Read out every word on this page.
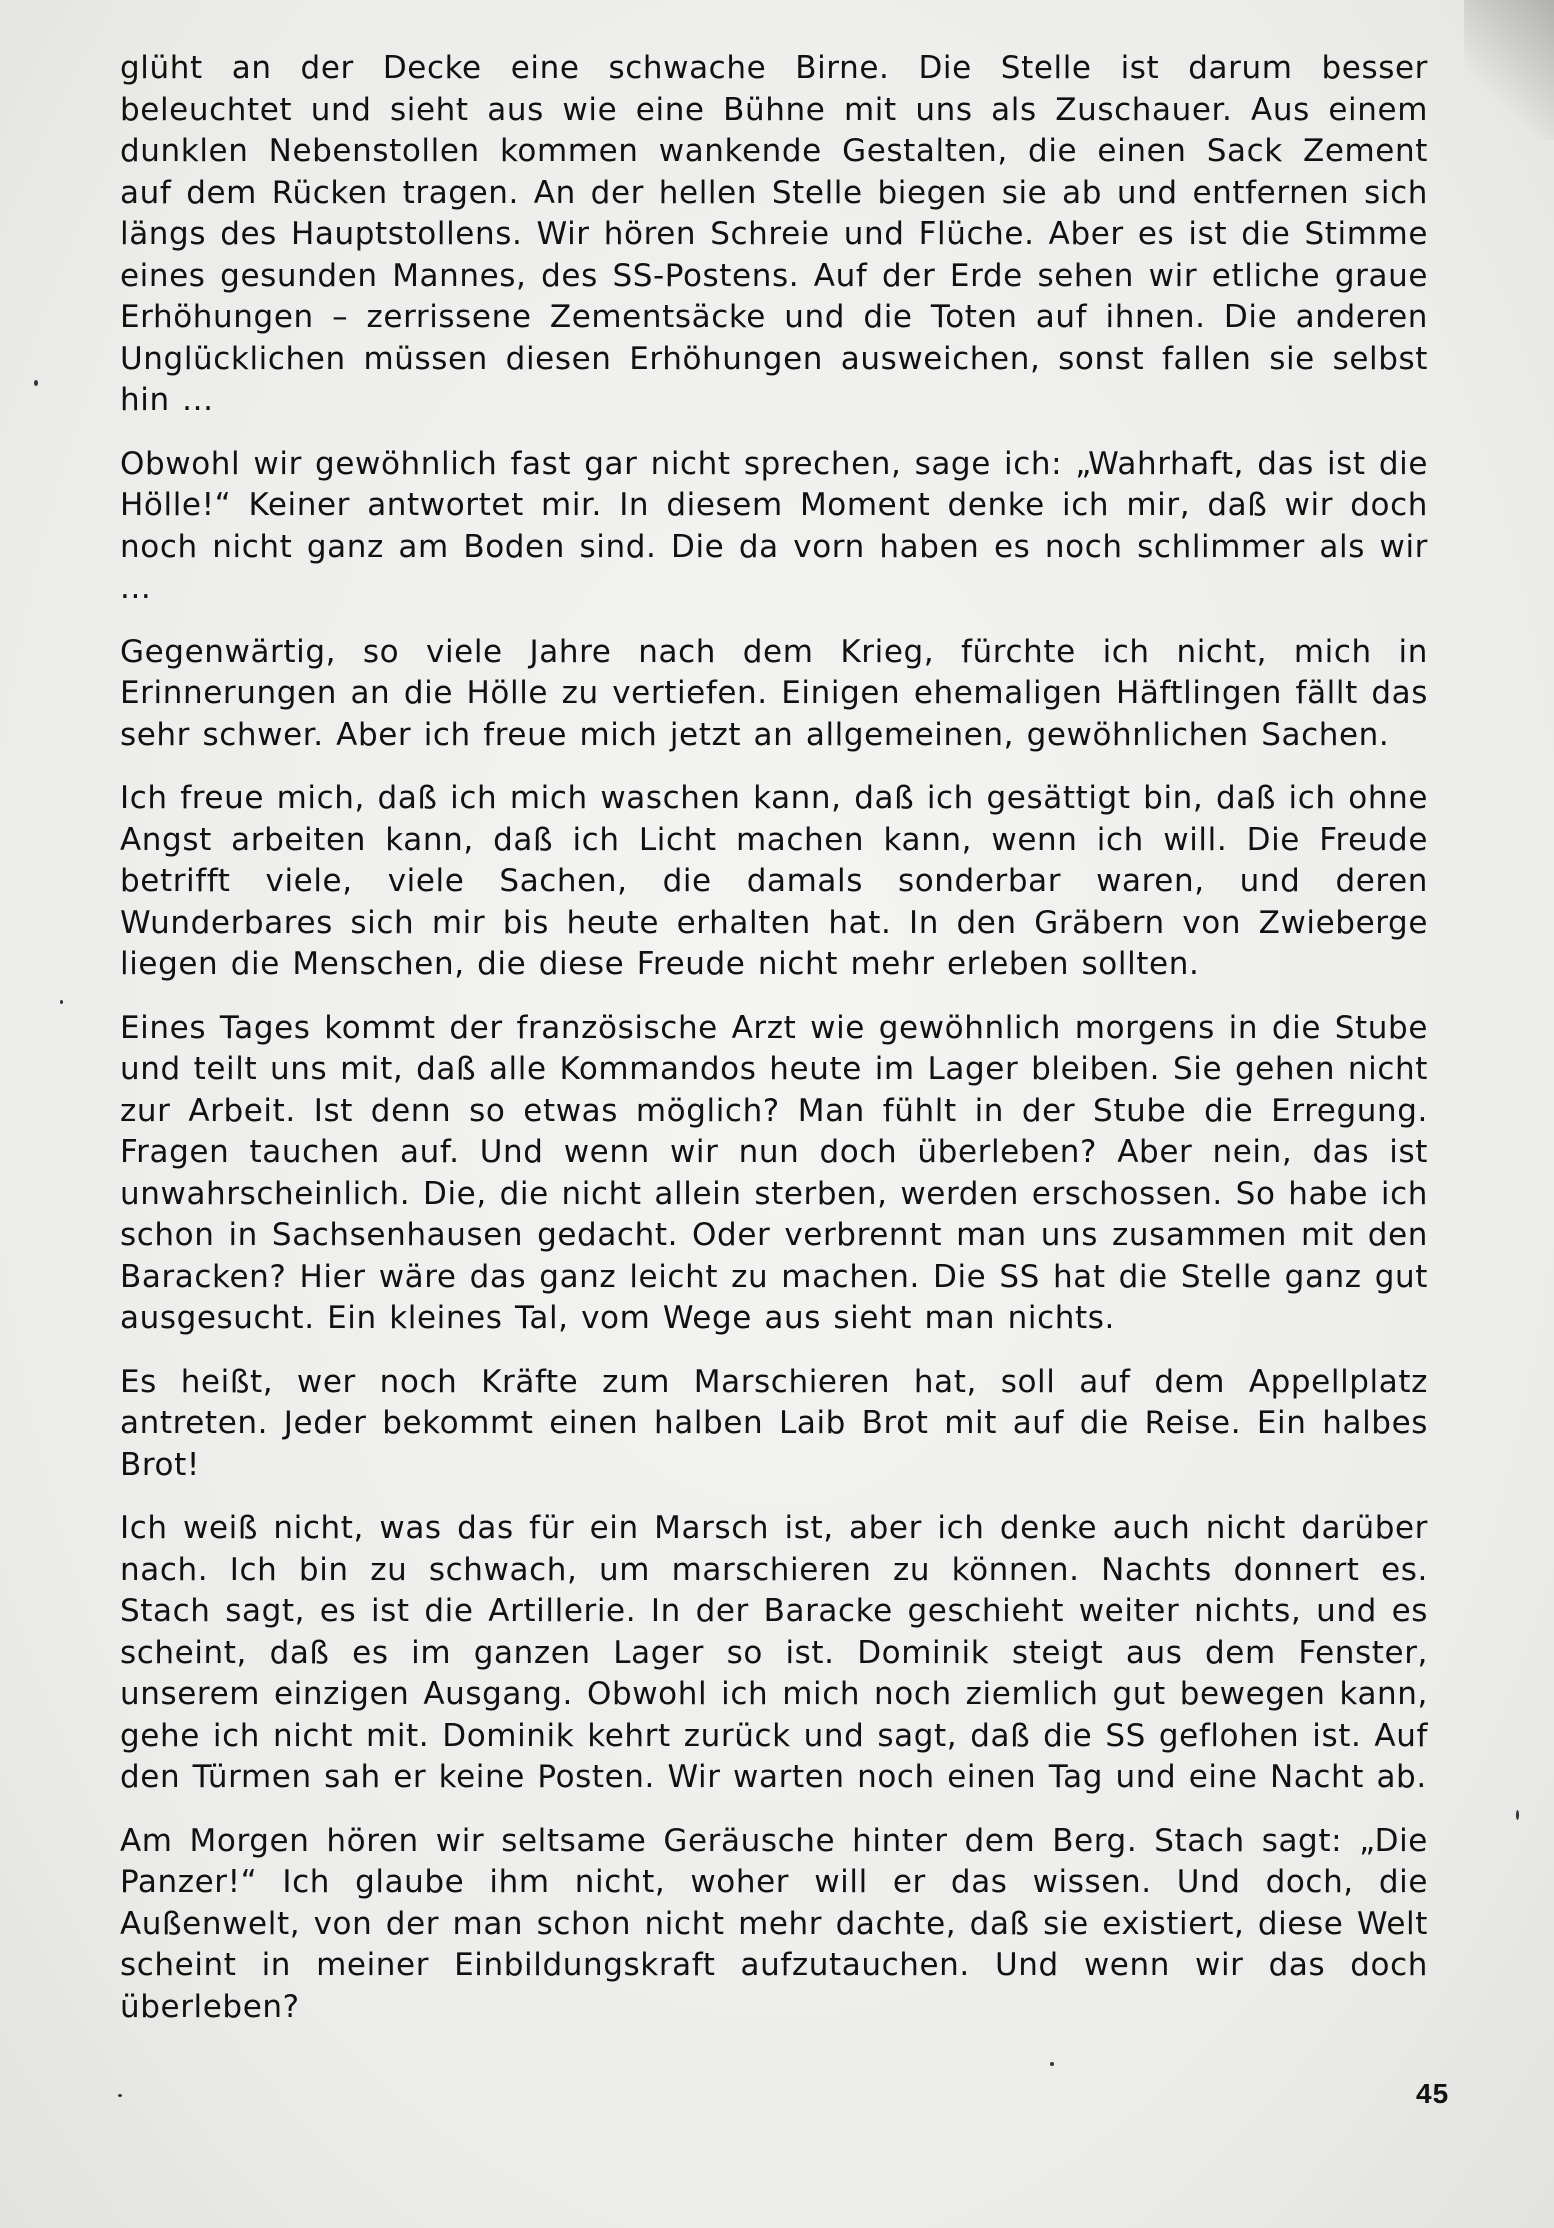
glüht an der Decke eine schwache Birne. Die Stelle ist darum besser beleuchtet und sieht aus wie eine Bühne mit uns als Zuschauer. Aus einem dunklen Nebenstollen kommen wankende Gestalten, die einen Sack Zement auf dem Rücken tragen. An der hellen Stelle biegen sie ab und entfernen sich längs des Hauptstollens. Wir hören Schreie und Flüche. Aber es ist die Stimme eines gesunden Mannes, des SS-Postens. Auf der Erde sehen wir etliche graue Erhöhungen – zerrissene Zementsäcke und die Toten auf ihnen. Die anderen Unglücklichen müssen diesen Erhöhungen ausweichen, sonst fallen sie selbst hin ...

Obwohl wir gewöhnlich fast gar nicht sprechen, sage ich: „Wahrhaft, das ist die Hölle!“ Keiner antwortet mir. In diesem Moment denke ich mir, daß wir doch noch nicht ganz am Boden sind. Die da vorn haben es noch schlimmer als wir ...

Gegenwärtig, so viele Jahre nach dem Krieg, fürchte ich nicht, mich in Erinnerungen an die Hölle zu vertiefen. Einigen ehemaligen Häftlingen fällt das sehr schwer. Aber ich freue mich jetzt an allgemeinen, gewöhnlichen Sachen.

Ich freue mich, daß ich mich waschen kann, daß ich gesättigt bin, daß ich ohne Angst arbeiten kann, daß ich Licht machen kann, wenn ich will. Die Freude betrifft viele, viele Sachen, die damals sonderbar waren, und deren Wunderbares sich mir bis heute erhalten hat. In den Gräbern von Zwieberge liegen die Menschen, die diese Freude nicht mehr erleben sollten.

Eines Tages kommt der französische Arzt wie gewöhnlich morgens in die Stube und teilt uns mit, daß alle Kommandos heute im Lager bleiben. Sie gehen nicht zur Arbeit. Ist denn so etwas möglich? Man fühlt in der Stube die Erregung. Fragen tauchen auf. Und wenn wir nun doch überleben? Aber nein, das ist unwahrscheinlich. Die, die nicht allein sterben, werden erschossen. So habe ich schon in Sachsenhausen gedacht. Oder verbrennt man uns zusammen mit den Baracken? Hier wäre das ganz leicht zu machen. Die SS hat die Stelle ganz gut ausgesucht. Ein kleines Tal, vom Wege aus sieht man nichts.

Es heißt, wer noch Kräfte zum Marschieren hat, soll auf dem Appellplatz antreten. Jeder bekommt einen halben Laib Brot mit auf die Reise. Ein halbes Brot!

Ich weiß nicht, was das für ein Marsch ist, aber ich denke auch nicht darüber nach. Ich bin zu schwach, um marschieren zu können. Nachts donnert es. Stach sagt, es ist die Artillerie. In der Baracke geschieht weiter nichts, und es scheint, daß es im ganzen Lager so ist. Dominik steigt aus dem Fenster, unserem einzigen Ausgang. Obwohl ich mich noch ziemlich gut bewegen kann, gehe ich nicht mit. Dominik kehrt zurück und sagt, daß die SS geflohen ist. Auf den Türmen sah er keine Posten. Wir warten noch einen Tag und eine Nacht ab.

Am Morgen hören wir seltsame Geräusche hinter dem Berg. Stach sagt: „Die Panzer!“ Ich glaube ihm nicht, woher will er das wissen. Und doch, die Außenwelt, von der man schon nicht mehr dachte, daß sie existiert, diese Welt scheint in meiner Einbildungskraft aufzutauchen. Und wenn wir das doch überleben?

45
